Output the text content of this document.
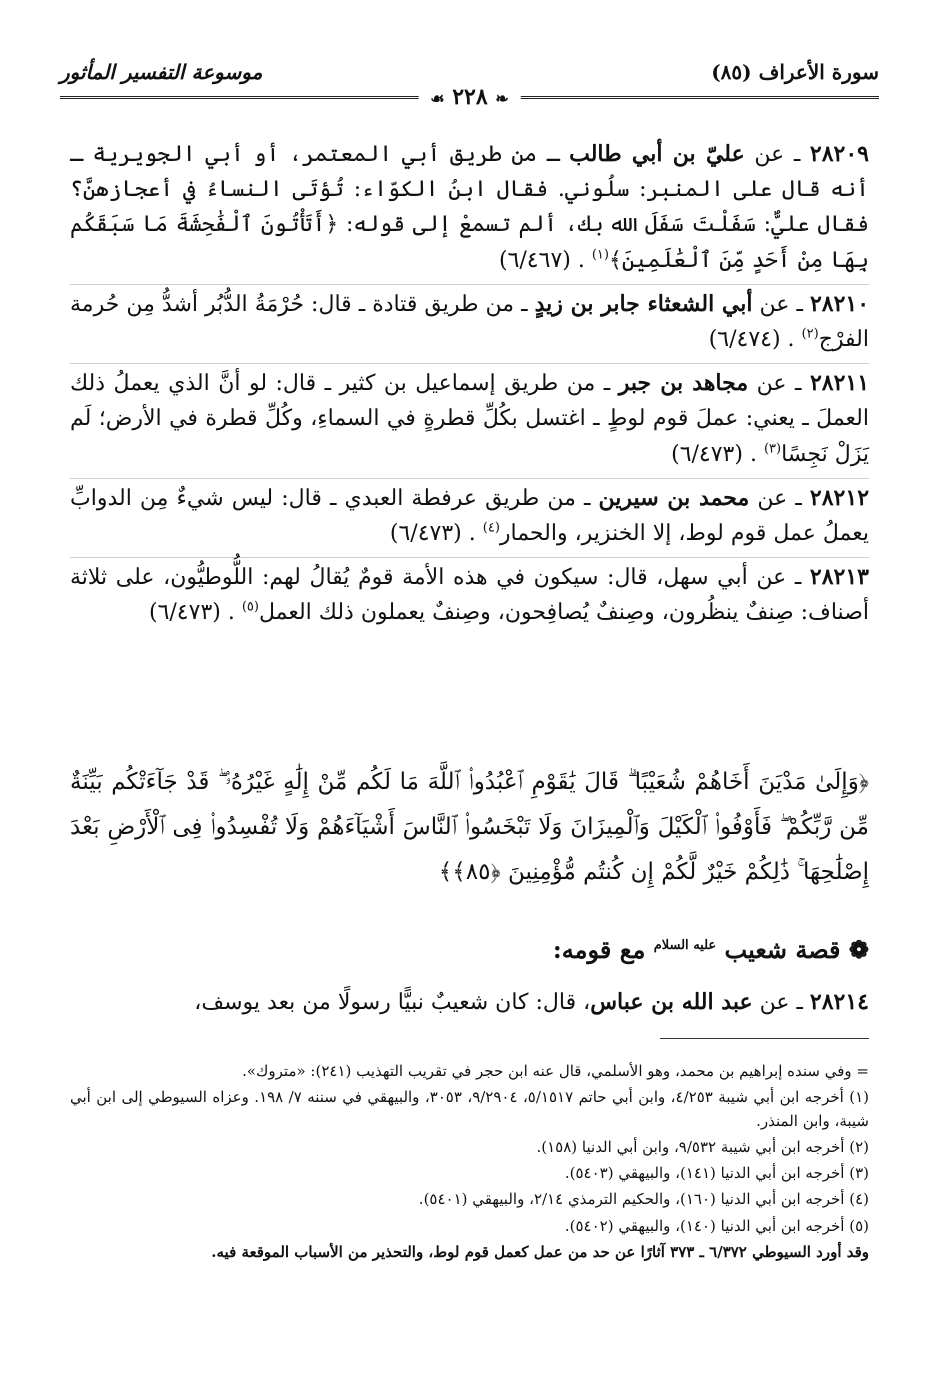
سورة الأعراف (٨٥)
موسوعة التفسير المأثور
❧ ٢٢٨ ☙

٢٨٢٠٩ ـ عن عليّ بن أبي طالب ـ من طريق أبي المعتمر، أو أبي الجويرية ـ أنه قال على المنبر: سلُوني. فقال ابنُ الكوّاء: تُؤتَى النساءُ في أعجازهنَّ؟ فقال عليٌّ: سَفَلْتَ سَفَلَ الله بك، ألم تسمعْ إلى قوله: ﴿أَتَأْتُونَ ٱلْفَٰحِشَةَ مَا سَبَقَكُم بِهَا مِنْ أَحَدٍ مِّنَ ٱلْعَٰلَمِينَ﴾$^{(١)}$ . (٦/٤٦٧)

٢٨٢١٠ ـ عن أبي الشعثاء جابر بن زيدٍ ـ من طريق قتادة ـ قال: حُرْمَةُ الدُّبُر أشدُّ مِن حُرمة الفرْج$^{(٢)}$ . (٦/٤٧٤)

٢٨٢١١ ـ عن مجاهد بن جبر ـ من طريق إسماعيل بن كثير ـ قال: لو أنَّ الذي يعملُ ذلك العملَ ـ يعني: عملَ قوم لوطٍ ـ اغتسل بكُلِّ قطرةٍ في السماءِ، وكُلِّ قطرة في الأرض؛ لَم يَزَلْ نَجِسًا$^{(٣)}$ . (٦/٤٧٣)

٢٨٢١٢ ـ عن محمد بن سيرين ـ من طريق عرفطة العبدي ـ قال: ليس شيءٌ مِن الدوابِّ يعملُ عمل قوم لوط، إلا الخنزير، والحمار$^{(٤)}$ . (٦/٤٧٣)

٢٨٢١٣ ـ عن أبي سهل، قال: سيكون في هذه الأمة قومٌ يُقالُ لهم: اللُّوطيُّون، على ثلاثة أصناف: صِنفٌ ينظُرون، وصِنفٌ يُصافِحون، وصِنفٌ يعملون ذلك العمل$^{(٥)}$ . (٦/٤٧٣)

﴿وَإِلَىٰ مَدْيَنَ أَخَاهُمْ شُعَيْبًا ۗ قَالَ يَٰقَوْمِ ٱعْبُدُوا۟ ٱللَّهَ مَا لَكُم مِّنْ إِلَٰهٍ غَيْرُهُۥ ۖ قَدْ جَآءَتْكُم بَيِّنَةٌ مِّن رَّبِّكُمْ ۖ فَأَوْفُوا۟ ٱلْكَيْلَ وَٱلْمِيزَانَ وَلَا تَبْخَسُوا۟ ٱلنَّاسَ أَشْيَآءَهُمْ وَلَا تُفْسِدُوا۟ فِى ٱلْأَرْضِ بَعْدَ إِصْلَٰحِهَا ۚ ذَٰلِكُمْ خَيْرٌ لَّكُمْ إِن كُنتُم مُّؤْمِنِينَ ﴿٨٥﴾﴾
❁ قصة شعيب $^{عليه السلام}$ مع قومه:
٢٨٢١٤ ـ عن عبد الله بن عباس، قال: كان شعيبٌ نبيًّا رسولًا من بعد يوسف،

= وفي سنده إبراهيم بن محمد، وهو الأسلمي، قال عنه ابن حجر في تقريب التهذيب (٢٤١): «متروك».

(١) أخرجه ابن أبي شيبة ٤/٢٥٣، وابن أبي حاتم ٥/١٥١٧، ٩/٢٩٠٤، ٣٠٥٣، والبيهقي في سننه ٧/ ١٩٨. وعزاه السيوطي إلى ابن أبي شيبة، وابن المنذر.

(٢) أخرجه ابن أبي شيبة ٩/٥٣٢، وابن أبي الدنيا (١٥٨).

(٣) أخرجه ابن أبي الدنيا (١٤١)، والبيهقي (٥٤٠٣).

(٤) أخرجه ابن أبي الدنيا (١٦٠)، والحكيم الترمذي ٢/١٤، والبيهقي (٥٤٠١).

(٥) أخرجه ابن أبي الدنيا (١٤٠)، والبيهقي (٥٤٠٢).

وقد أورد السيوطي ٦/٣٧٢ ـ ٣٧٣ آثارًا عن حد من عمل كعمل قوم لوط، والتحذير من الأسباب الموقعة فيه.
